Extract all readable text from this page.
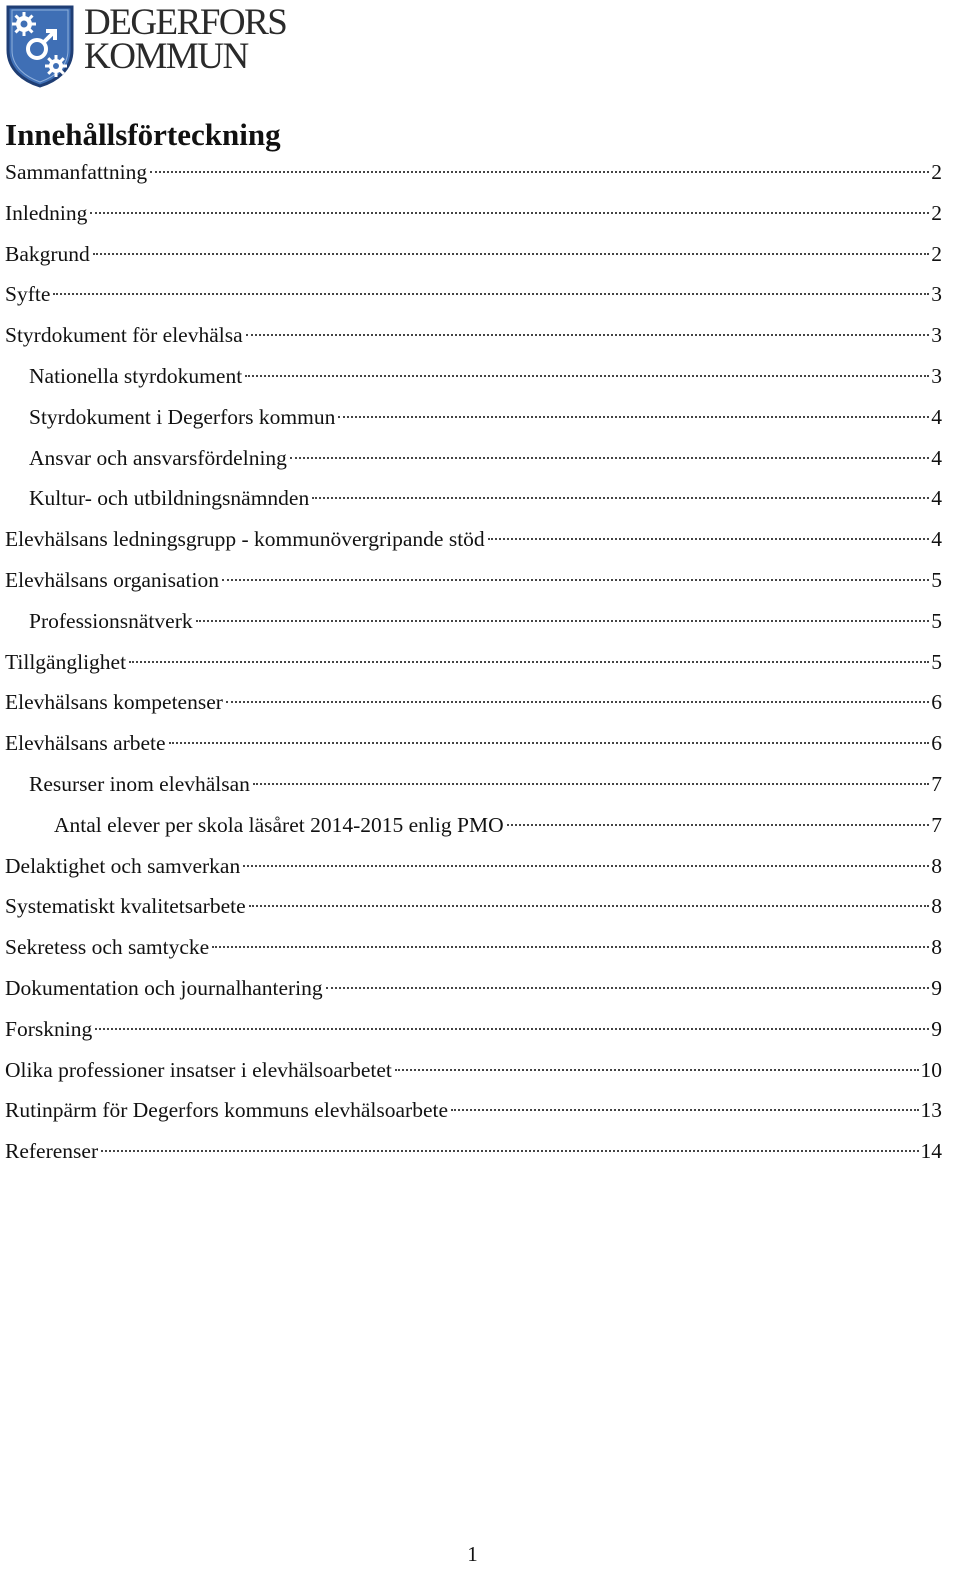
DEGERFORS
KOMMUN
Innehållsförteckning
Sammanfattning	2
Inledning	2
Bakgrund	2
Syfte	3
Styrdokument för elevhälsa	3
Nationella styrdokument	3
Styrdokument i Degerfors kommun	4
Ansvar och ansvarsfördelning	4
Kultur- och utbildningsnämnden	4
Elevhälsans ledningsgrupp - kommunövergripande stöd	4
Elevhälsans organisation	5
Professionsnätverk	5
Tillgänglighet	5
Elevhälsans kompetenser	6
Elevhälsans arbete	6
Resurser inom elevhälsan	7
Antal elever per skola läsåret 2014-2015 enlig PMO	7
Delaktighet och samverkan	8
Systematiskt kvalitetsarbete	8
Sekretess och samtycke	8
Dokumentation och journalhantering	9
Forskning	9
Olika professioner insatser i elevhälsoarbetet	10
Rutinpärm för Degerfors kommuns elevhälsoarbete	13
Referenser	14
1
